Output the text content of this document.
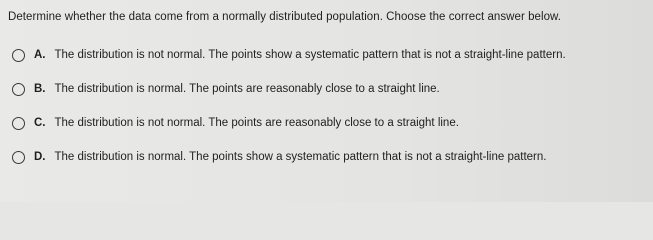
Determine whether the data come from a normally distributed population. Choose the correct answer below.
A. The distribution is not normal. The points show a systematic pattern that is not a straight-line pattern.
B. The distribution is normal. The points are reasonably close to a straight line.
C. The distribution is not normal. The points are reasonably close to a straight line.
D. The distribution is normal. The points show a systematic pattern that is not a straight-line pattern.
